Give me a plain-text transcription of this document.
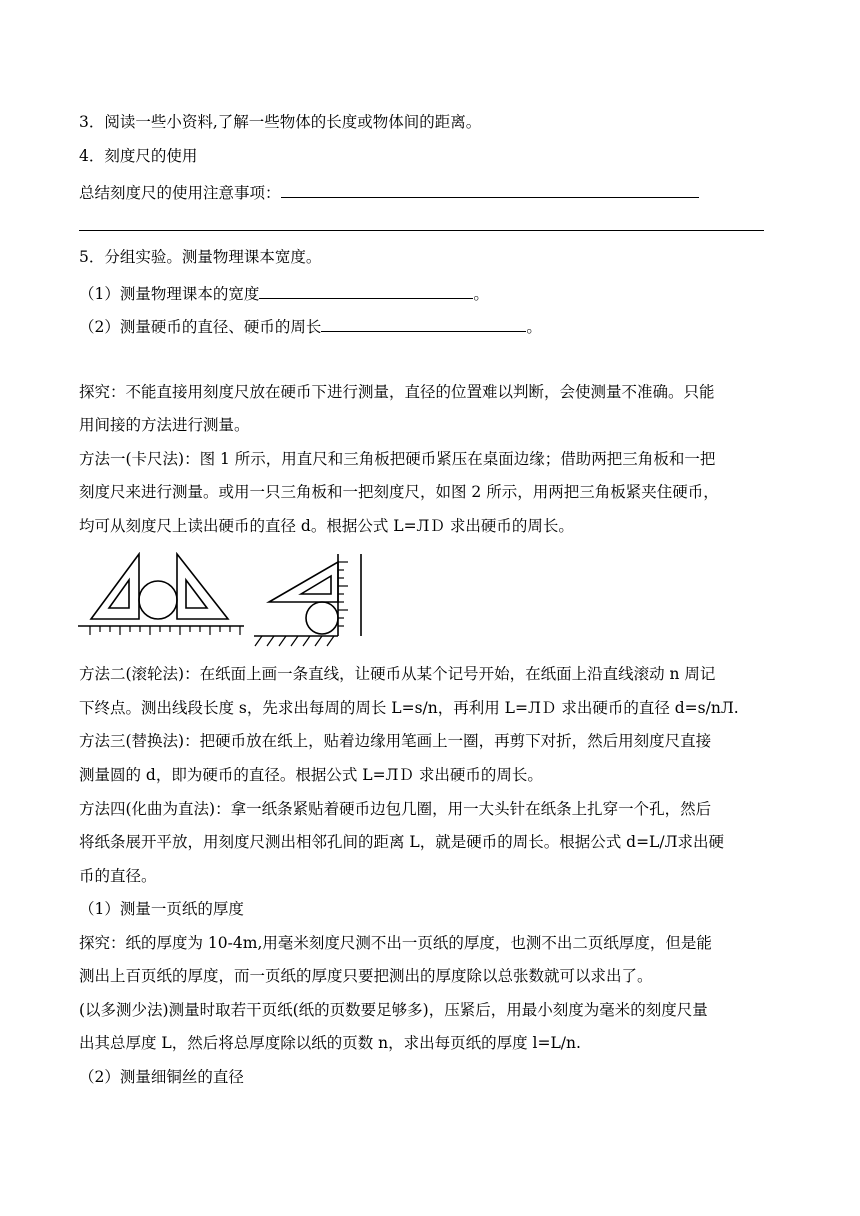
3．阅读一些小资料,了解一些物体的长度或物体间的距离。
4．刻度尺的使用
总结刻度尺的使用注意事项：
5．分组实验。测量物理课本宽度。
（1）测量物理课本的宽度	。
（2）测量硬币的直径、硬币的周长	。
探究：不能直接用刻度尺放在硬币下进行测量，直径的位置难以判断，会使测量不准确。只能
用间接的方法进行测量。
方法一(卡尺法)：图 1 所示，用直尺和三角板把硬币紧压在桌面边缘；借助两把三角板和一把
刻度尺来进行测量。或用一只三角板和一把刻度尺，如图 2 所示，用两把三角板紧夹住硬币，
均可从刻度尺上读出硬币的直径 d。根据公式 L=ЛＤ 求出硬币的周长。
方法二(滚轮法)：在纸面上画一条直线，让硬币从某个记号开始，在纸面上沿直线滚动 n 周记
下终点。测出线段长度 s，先求出每周的周长 L=s/n，再利用 L=ЛＤ 求出硬币的直径 d=s/nЛ.
方法三(替换法)：把硬币放在纸上，贴着边缘用笔画上一圈，再剪下对折，然后用刻度尺直接
测量圆的 d，即为硬币的直径。根据公式 L=ЛＤ 求出硬币的周长。
方法四(化曲为直法)：拿一纸条紧贴着硬币边包几圈，用一大头针在纸条上扎穿一个孔，然后
将纸条展开平放，用刻度尺测出相邻孔间的距离 L，就是硬币的周长。根据公式 d=L/Л求出硬
币的直径。
（1）测量一页纸的厚度
探究：纸的厚度为 10-4m,用毫米刻度尺测不出一页纸的厚度，也测不出二页纸厚度，但是能
测出上百页纸的厚度，而一页纸的厚度只要把测出的厚度除以总张数就可以求出了。
(以多测少法)测量时取若干页纸(纸的页数要足够多)，压紧后，用最小刻度为毫米的刻度尺量
出其总厚度 L，然后将总厚度除以纸的页数 n，求出每页纸的厚度 l=L/n.
（2）测量细铜丝的直径
